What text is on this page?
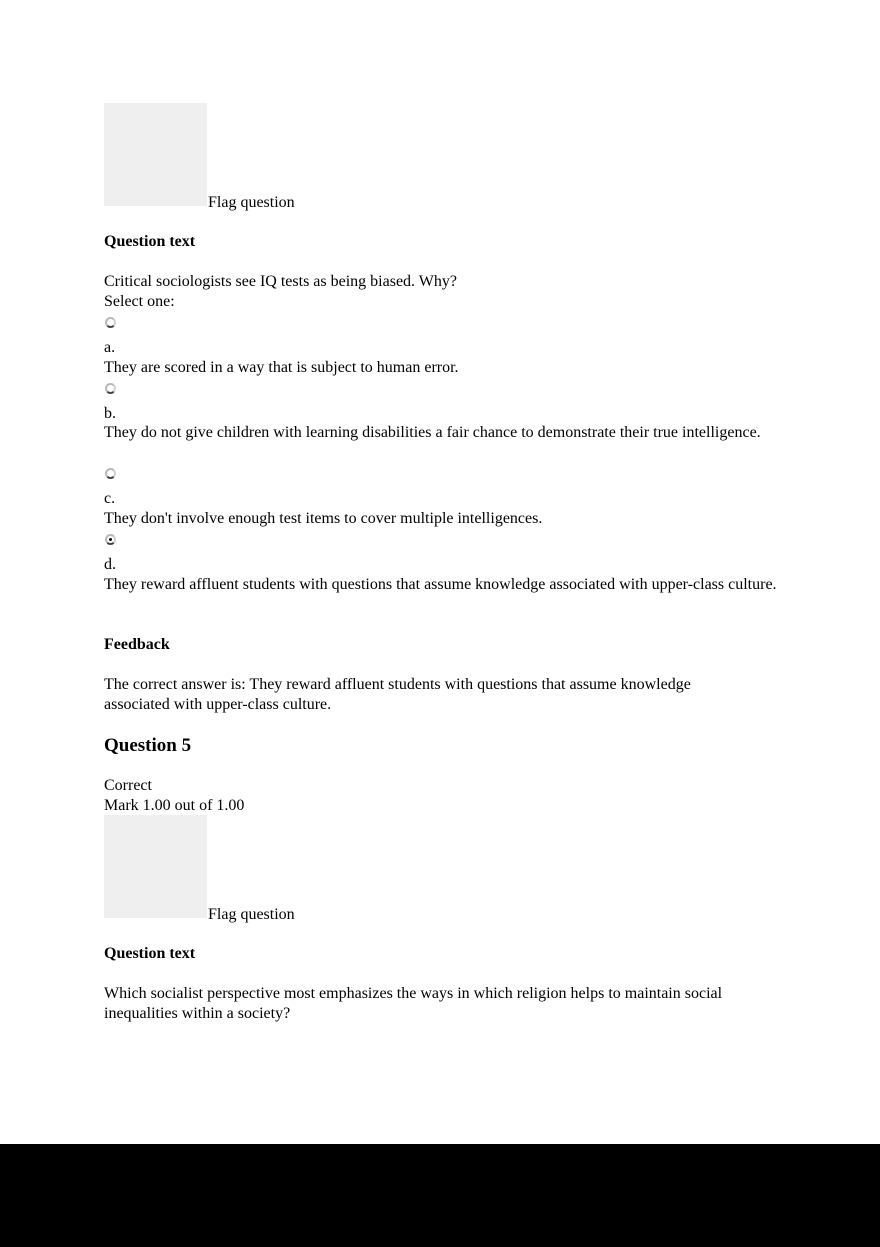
Flag question
Question text
Critical sociologists see IQ tests as being biased. Why?
Select one:
a.
They are scored in a way that is subject to human error.
b.
They do not give children with learning disabilities a fair chance to demonstrate their true intelligence.
c.
They don't involve enough test items to cover multiple intelligences.
d.
They reward affluent students with questions that assume knowledge associated with upper-class culture.
Feedback
The correct answer is: They reward affluent students with questions that assume knowledge associated with upper-class culture.
Question 5
Correct
Mark 1.00 out of 1.00
Flag question
Question text
Which socialist perspective most emphasizes the ways in which religion helps to maintain social inequalities within a society?
